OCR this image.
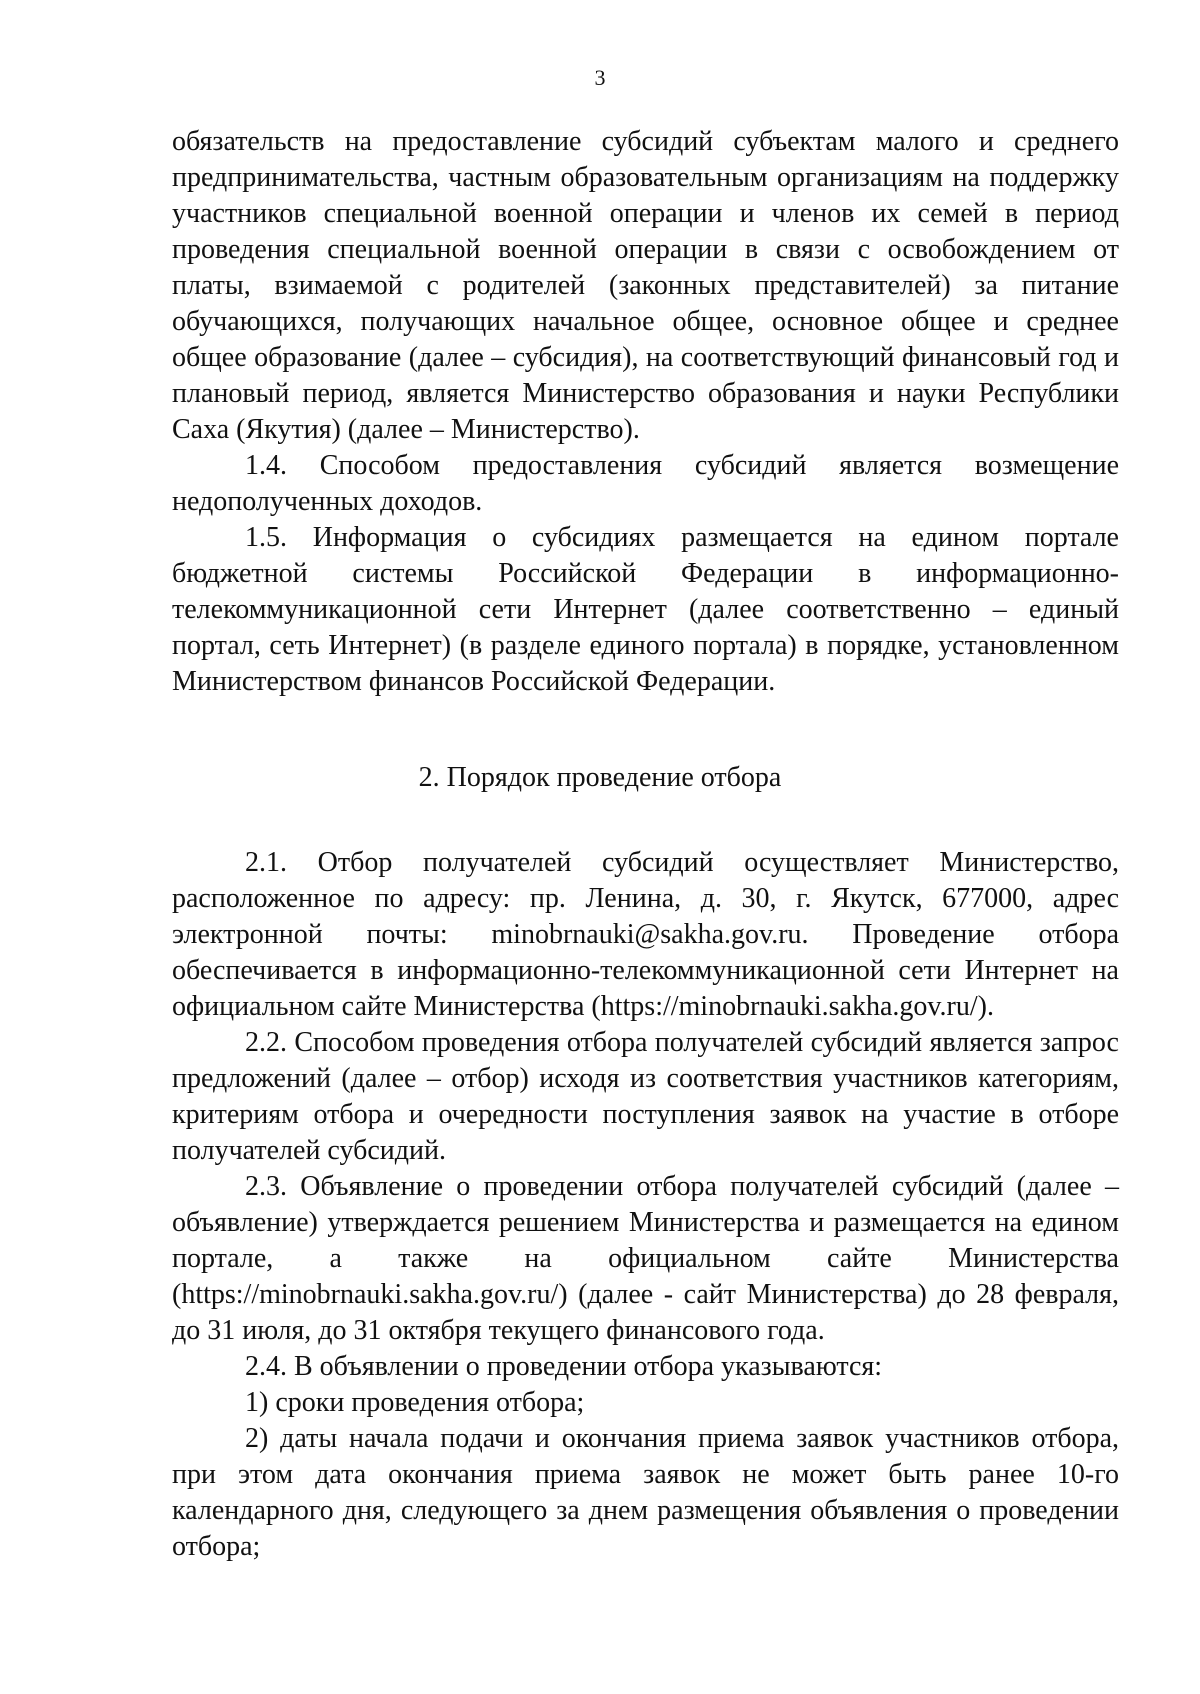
3

обязательств на предоставление субсидий субъектам малого и среднего предпринимательства, частным образовательным организациям на поддержку участников специальной военной операции и членов их семей в период проведения специальной военной операции в связи с освобождением от платы, взимаемой с родителей (законных представителей) за питание обучающихся, получающих начальное общее, основное общее и среднее общее образование (далее – субсидия), на соответствующий финансовый год и плановый период, является Министерство образования и науки Республики Саха (Якутия) (далее – Министерство).

1.4. Способом предоставления субсидий является возмещение недополученных доходов.

1.5. Информация о субсидиях размещается на едином портале бюджетной системы Российской Федерации в информационно-телекоммуникационной сети Интернет (далее соответственно – единый портал, сеть Интернет) (в разделе единого портала) в порядке, установленном Министерством финансов Российской Федерации.

2. Порядок проведение отбора

2.1. Отбор получателей субсидий осуществляет Министерство, расположенное по адресу: пр. Ленина, д. 30, г. Якутск, 677000, адрес электронной почты: minobrnauki@sakha.gov.ru. Проведение отбора обеспечивается в информационно-телекоммуникационной сети Интернет на официальном сайте Министерства (https://minobrnauki.sakha.gov.ru/).

2.2. Способом проведения отбора получателей субсидий является запрос предложений (далее – отбор) исходя из соответствия участников категориям, критериям отбора и очередности поступления заявок на участие в отборе получателей субсидий.

2.3. Объявление о проведении отбора получателей субсидий (далее – объявление) утверждается решением Министерства и размещается на едином портале, а также на официальном сайте Министерства (https://minobrnauki.sakha.gov.ru/) (далее - сайт Министерства) до 28 февраля, до 31 июля, до 31 октября текущего финансового года.

2.4. В объявлении о проведении отбора указываются:

1) сроки проведения отбора;

2) даты начала подачи и окончания приема заявок участников отбора, при этом дата окончания приема заявок не может быть ранее 10-го календарного дня, следующего за днем размещения объявления о проведении отбора;
